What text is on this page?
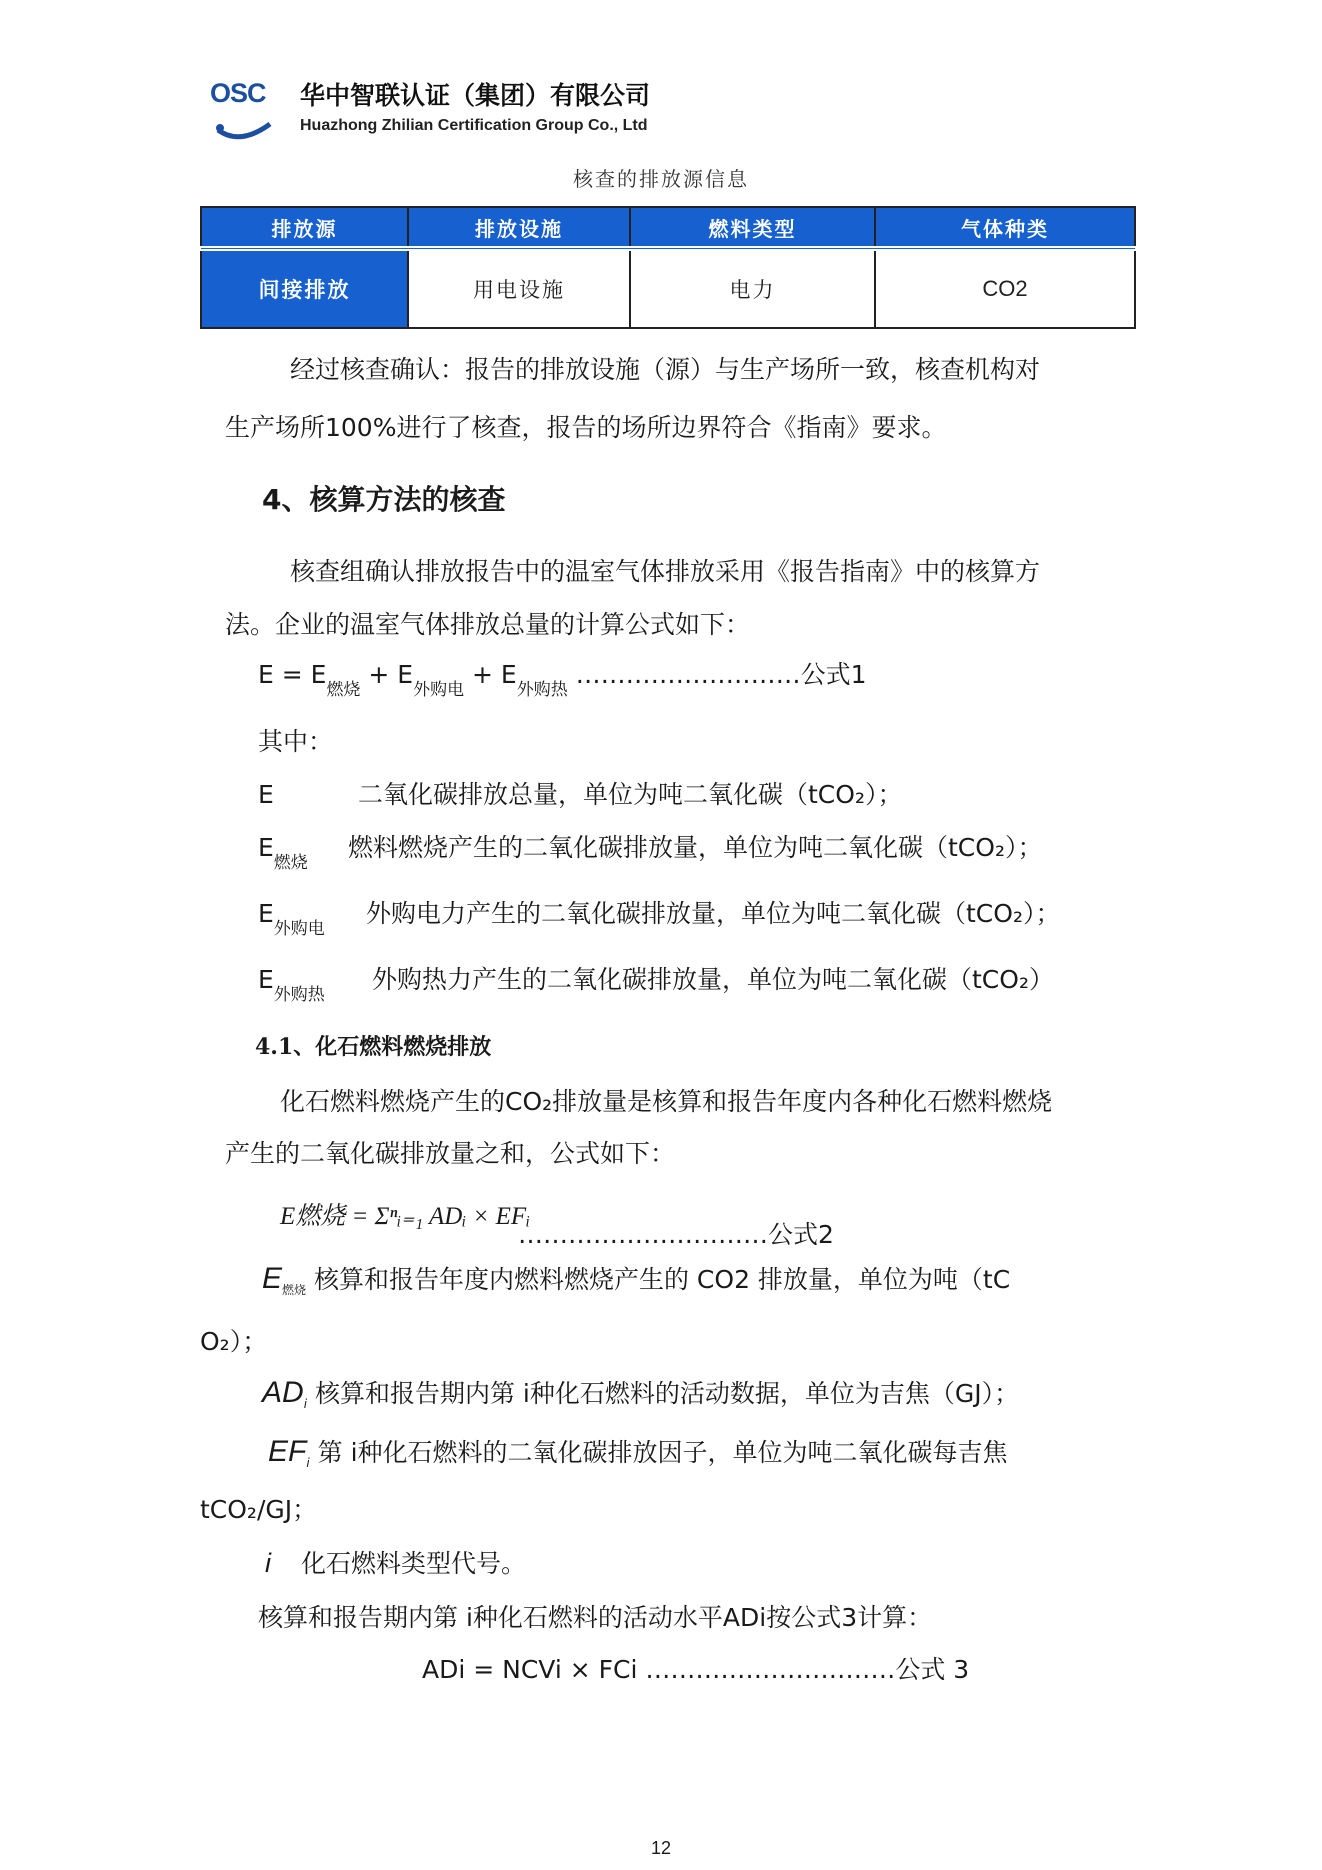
OSC 华中智联认证（集团）有限公司
Huazhong Zhilian Certification Group Co., Ltd
核查的排放源信息
排放源	排放设施	燃料类型	气体种类
间接排放	用电设施	电力	CO2
经过核查确认：报告的排放设施（源）与生产场所一致，核查机构对
生产场所100%进行了核查，报告的场所边界符合《指南》要求。
4、核算方法的核查
核查组确认排放报告中的温室气体排放采用《报告指南》中的核算方
法。企业的温室气体排放总量的计算公式如下：
$E = E_{燃烧} + E_{外购电} + E_{外购热}$ ………………………公式1
其中：
E	二氧化碳排放总量，单位为吨二氧化碳（tCO₂）；
$E_{燃烧}$燃料燃烧产生的二氧化碳排放量，单位为吨二氧化碳（tCO₂）；
$E_{外购电}$外购电力产生的二氧化碳排放量，单位为吨二氧化碳（tCO₂）；
$E_{外购热}$外购热力产生的二氧化碳排放量，单位为吨二氧化碳（tCO₂）
4.1、化石燃料燃烧排放
化石燃料燃烧产生的CO₂排放量是核算和报告年度内各种化石燃料燃烧
产生的二氧化碳排放量之和，公式如下：
E燃烧 = Σⁿᵢ₌₁ ADᵢ × EFᵢ
…………………………公式2
$E_{燃烧}$ 核算和报告年度内燃料燃烧产生的 CO2 排放量，单位为吨（tC
O₂）；
$AD_i$ 核算和报告期内第 i种化石燃料的活动数据，单位为吉焦（GJ）；
$EF_i$ 第 i种化石燃料的二氧化碳排放因子，单位为吨二氧化碳每吉焦
tCO₂/GJ；
i 化石燃料类型代号。
核算和报告期内第 i种化石燃料的活动水平ADi按公式3计算：
ADi = NCVi × FCi …………………………公式 3
12
